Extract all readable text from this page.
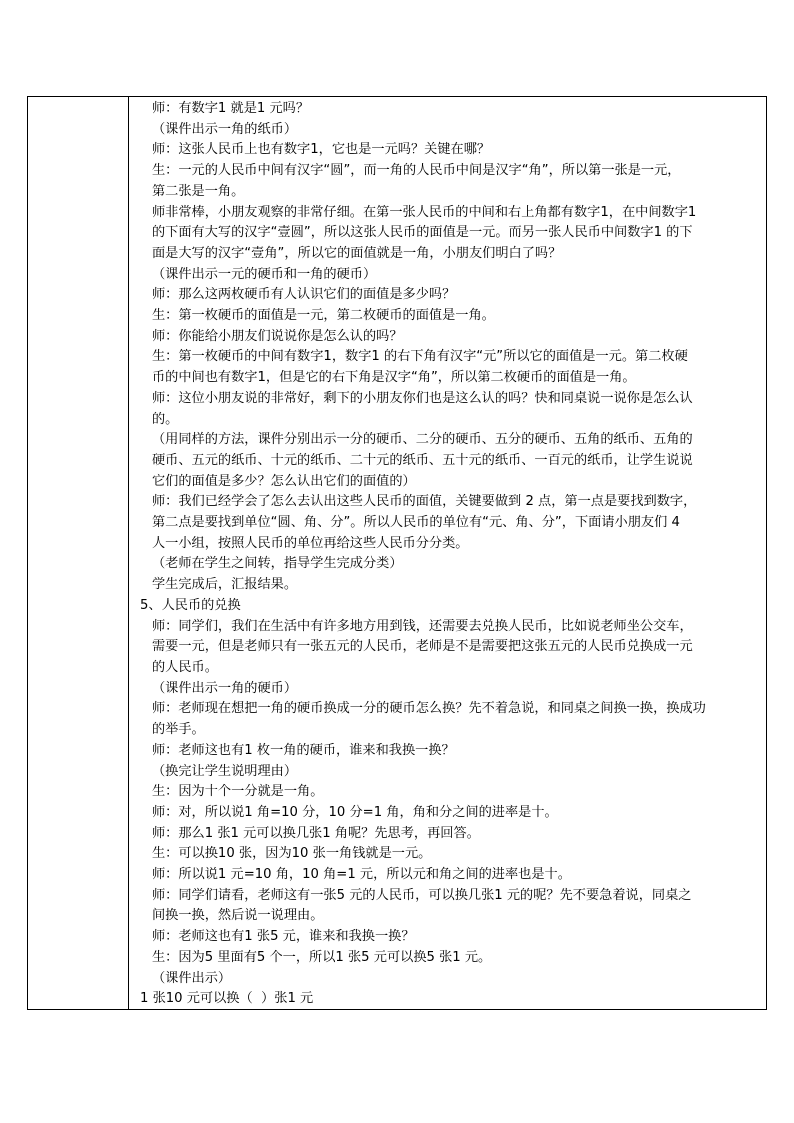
师：有数字1 就是1 元吗？

（课件出示一角的纸币）

师：这张人民币上也有数字1，它也是一元吗？关键在哪？

生：一元的人民币中间有汉字“圆”，而一角的人民币中间是汉字“角”，所以第一张是一元，

第二张是一角。

师非常棒，小朋友观察的非常仔细。在第一张人民币的中间和右上角都有数字1，在中间数字1

的下面有大写的汉字“壹圆”，所以这张人民币的面值是一元。而另一张人民币中间数字1 的下

面是大写的汉字“壹角”，所以它的面值就是一角，小朋友们明白了吗？

（课件出示一元的硬币和一角的硬币）

师：那么这两枚硬币有人认识它们的面值是多少吗？

生：第一枚硬币的面值是一元，第二枚硬币的面值是一角。

师：你能给小朋友们说说你是怎么认的吗？

生：第一枚硬币的中间有数字1，数字1 的右下角有汉字“元”所以它的面值是一元。第二枚硬

币的中间也有数字1，但是它的右下角是汉字“角”，所以第二枚硬币的面值是一角。

师：这位小朋友说的非常好，剩下的小朋友你们也是这么认的吗？快和同桌说一说你是怎么认

的。

（用同样的方法，课件分别出示一分的硬币、二分的硬币、五分的硬币、五角的纸币、五角的

硬币、五元的纸币、十元的纸币、二十元的纸币、五十元的纸币、一百元的纸币，让学生说说

它们的面值是多少？怎么认出它们的面值的）

师：我们已经学会了怎么去认出这些人民币的面值，关键要做到 2 点，第一点是要找到数字，

第二点是要找到单位“圆、角、分”。所以人民币的单位有“元、角、分”，下面请小朋友们 4

人一小组，按照人民币的单位再给这些人民币分分类。

（老师在学生之间转，指导学生完成分类）

学生完成后，汇报结果。

5、人民币的兑换

师：同学们，我们在生活中有许多地方用到钱，还需要去兑换人民币，比如说老师坐公交车，

需要一元，但是老师只有一张五元的人民币，老师是不是需要把这张五元的人民币兑换成一元

的人民币。

（课件出示一角的硬币）

师：老师现在想把一角的硬币换成一分的硬币怎么换？先不着急说，和同桌之间换一换，换成功

的举手。

师：老师这也有1 枚一角的硬币，谁来和我换一换？

（换完让学生说明理由）

生：因为十个一分就是一角。

师：对，所以说1 角=10 分，10 分=1 角，角和分之间的进率是十。

师：那么1 张1 元可以换几张1 角呢？先思考，再回答。

生：可以换10 张，因为10 张一角钱就是一元。

师：所以说1 元=10 角，10 角=1 元，所以元和角之间的进率也是十。

师：同学们请看，老师这有一张5 元的人民币，可以换几张1 元的呢？先不要急着说，同桌之

间换一换，然后说一说理由。

师：老师这也有1 张5 元，谁来和我换一换？

生：因为5 里面有5 个一，所以1 张5 元可以换5 张1 元。

（课件出示）

1 张10 元可以换（  ）张1 元
